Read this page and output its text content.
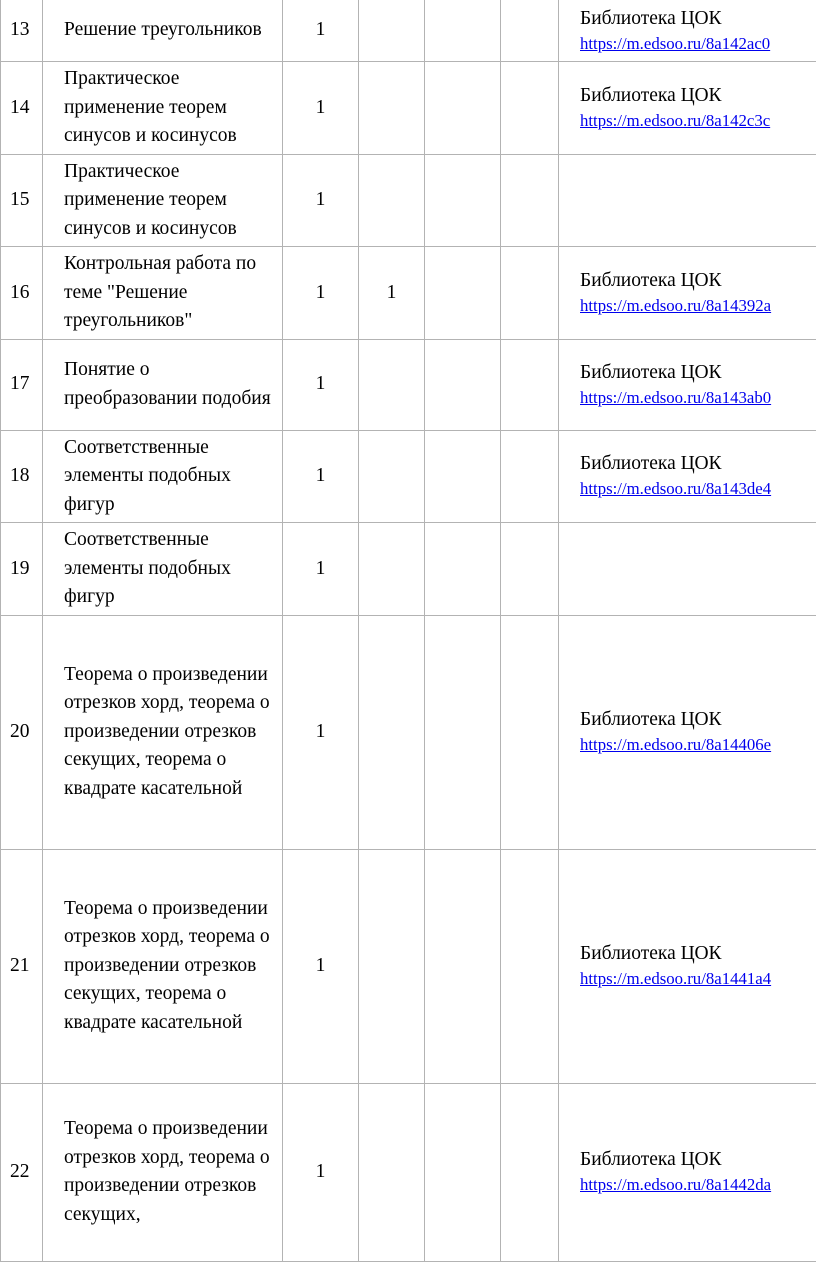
13	Решение треугольников	1				Библиотека ЦОК
https://m.edsoo.ru/8a142ac0

14	Практическое применение теорем синусов и косинусов	1				Библиотека ЦОК
https://m.edsoo.ru/8a142c3c

15	Практическое применение теорем синусов и косинусов	1				

16	Контрольная работа по теме "Решение треугольников"	1	1			Библиотека ЦОК
https://m.edsoo.ru/8a14392a

17	Понятие о преобразовании подобия	1				Библиотека ЦОК
https://m.edsoo.ru/8a143ab0

18	Соответственные элементы подобных фигур	1				Библиотека ЦОК
https://m.edsoo.ru/8a143de4

19	Соответственные элементы подобных фигур	1				

20	Теорема о произведении отрезков хорд, теорема о произведении отрезков секущих, теорема о квадрате касательной	1				Библиотека ЦОК
https://m.edsoo.ru/8a14406e

21	Теорема о произведении отрезков хорд, теорема о произведении отрезков секущих, теорема о квадрате касательной	1				Библиотека ЦОК
https://m.edsoo.ru/8a1441a4

22	Теорема о произведении отрезков хорд, теорема о произведении отрезков секущих,	1				Библиотека ЦОК
https://m.edsoo.ru/8a1442da
